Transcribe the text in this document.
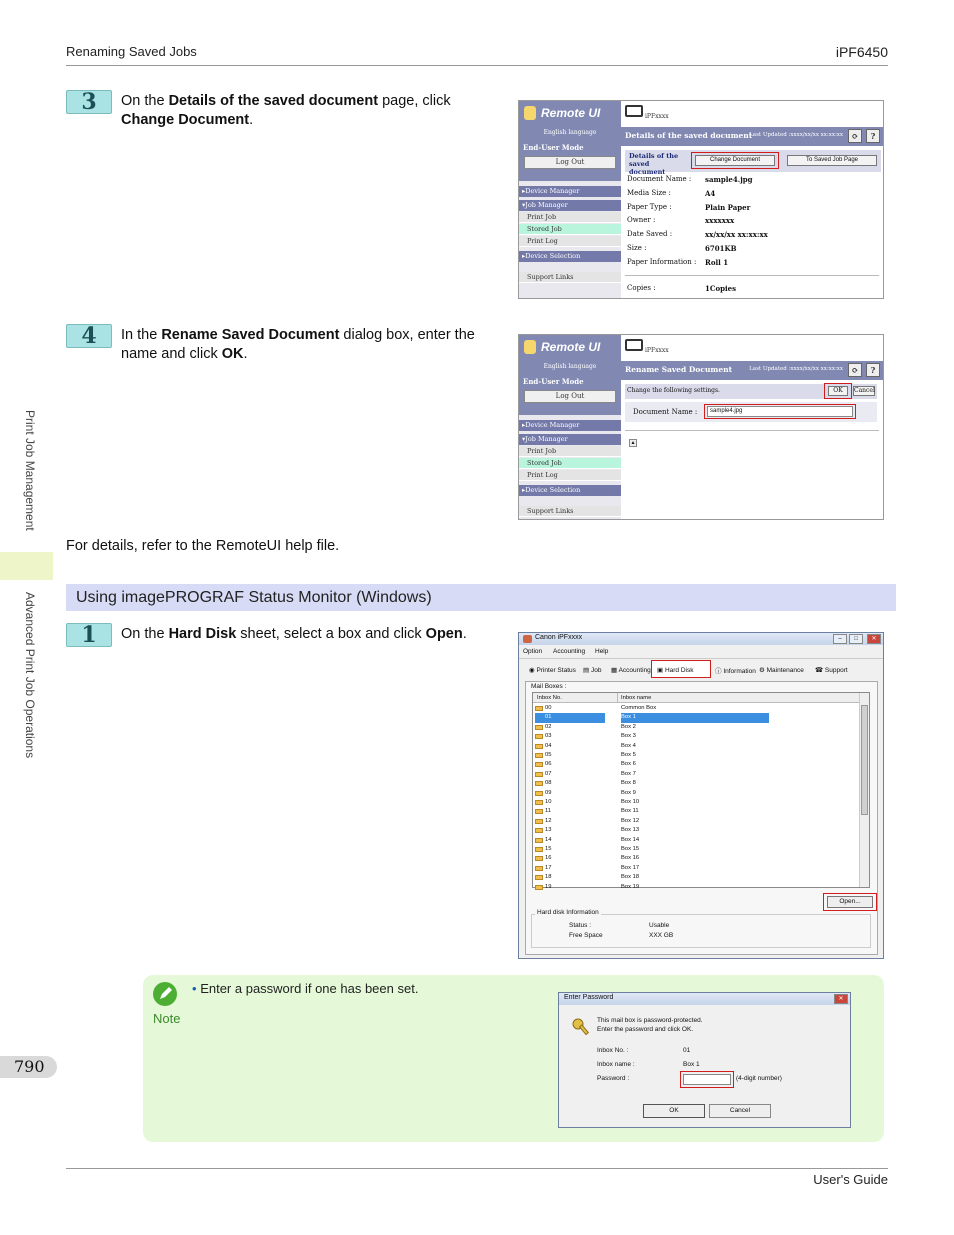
Renaming Saved Jobs	iPF6450
Print Job Management
Advanced Print Job Operations
3	On the Details of the saved document page, click Change Document.	Remote UI
English language
End-User Mode
Log Out
▸Device Manager
▾Job Manager
Print Job
Stored Job
Print Log
▸Device Selection
Support Links
iPFxxxx
Details of the saved document
Last Updated :xxxx/xx/xx xx:xx:xx	⟳	?
Details of the saved document
Change Document	To Saved Job Page
Document Name : sample4.jpg
Media Size :	A4
Paper Type :	Plain Paper
Owner :	xxxxxxx
Date Saved :	xx/xx/xx xx:xx:xx
Size :	6701KB
Paper Information : Roll 1
Copies :	1Copies
4	In the Rename Saved Document dialog box, enter the name and click OK.	Remote UI
English language
End-User Mode
Log Out
▸Device Manager
▾Job Manager
Print Job
Stored Job
Print Log
▸Device Selection
Support Links
iPFxxxx
Rename Saved Document	Last Updated :xxxx/xx/xx xx:xx:xx	⟳	?
Change the following settings.	OK	Cancel
Document Name :	sample4.jpg
▴
For details, refer to the RemoteUI help file.
Using imagePROGRAF Status Monitor (Windows)
1	On the Hard Disk sheet, select a box and click Open.	Canon iPFxxxx	–	□	✕
Option Accounting Help
◉ Printer Status ▤ Job ▦ Accounting ▣ Hard Disk	ⓘ Information ⚙ Maintenance ☎ Support
Mail Boxes :
Inbox No.	Inbox name
00	Common Box
01	Box 1
02	Box 2
03	Box 3
04	Box 4
05	Box 5
06	Box 6
07	Box 7
08	Box 8
09	Box 9
10	Box 10
11	Box 11
12	Box 12
13	Box 13
14	Box 14
15	Box 15
16	Box 16
17	Box 17
18	Box 18
19	Box 19
Open...
Hard disk Information
Status :	Usable
Free Space	XXX GB
Note
• Enter a password if one has been set.
Enter Password	✕
This mail box is password-protected.
Enter the password and click OK.
Inbox No. :	01
Inbox name :	Box 1
Password :	(4-digit number)
OK	Cancel
790
User's Guide
